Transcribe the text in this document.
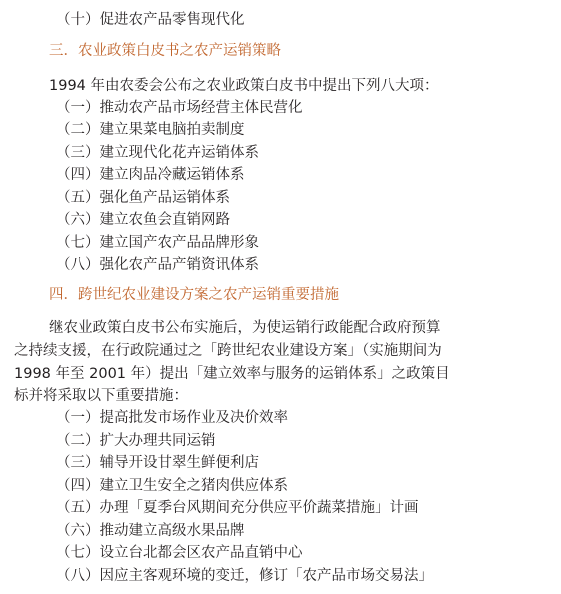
（十）促进农产品零售现代化
三．农业政策白皮书之农产运销策略
1994 年由农委会公布之农业政策白皮书中提出下列八大项：
（一）推动农产品市场经营主体民营化
（二）建立果菜电脑拍卖制度
（三）建立现代化花卉运销体系
（四）建立肉品冷藏运销体系
（五）强化鱼产品运销体系
（六）建立农鱼会直销网路
（七）建立国产农产品品牌形象
（八）强化农产品产销资讯体系
四．跨世纪农业建设方案之农产运销重要措施
继农业政策白皮书公布实施后，为使运销行政能配合政府预算
之持续支援，在行政院通过之「跨世纪农业建设方案」（实施期间为
1998 年至 2001 年）提出「建立效率与服务的运销体系」之政策目
标并将采取以下重要措施：
（一）提高批发市场作业及决价效率
（二）扩大办理共同运销
（三）辅导开设甘翠生鲜便利店
（四）建立卫生安全之猪肉供应体系
（五）办理「夏季台风期间充分供应平价蔬菜措施」计画
（六）推动建立高级水果品牌
（七）设立台北都会区农产品直销中心
（八）因应主客观环境的变迁，修订「农产品市场交易法」
